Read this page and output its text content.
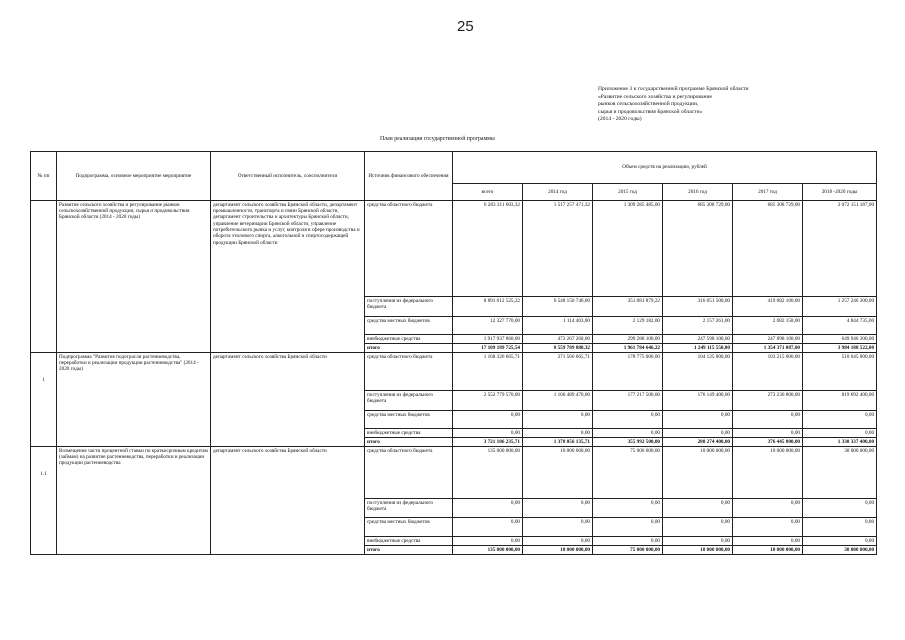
25
Приложение 3 к государственной программе Брянской области
«Развитие сельского хозяйства и регулирование
рынков сельскохозяйственной продукции,
сырья и продовольствия Брянской области»
(2014 - 2020 годы)
План реализации государственной программы
№ пп	Подпрограмма, основное мероприятие мероприятие	Ответственный исполнитель, соисполнители	Источник финансового обеспечения	Объем средств на реализацию, рублей					
				всего	2014 год	2015 год	2016 год	2017 год	2018 -2020 годы
	Развитие сельского хозяйства и регулирование рынков сельскохозяйственной продукции, сырья и продовольствия Брянской области (2014 - 2020 годы)	департамент сельского хозяйства Брянской области, департамент промышленности, транспорта и связи Брянской области, департамент строительства и архитектуры Брянской области, управление ветеринарии Брянской области, управление потребительского рынка и услуг, контроля в сфере производства и оборота этилового спирта, алкогольной и спиртосодержащей продукции Брянской области	средства областного бюджета	6 283 311 603,32	1 517 257 471,32	1 309 285 485,00	685 308 729,00	685 308 729,00	2 072 151 187,00
			поступления из федерального бюджета	8 891 612 525,22	6 548 150 746,00	351 081 879,22	316 051 500,00	419 082 100,00	1 257 246 300,00
			средства местных бюджетов	12 327 770,00	1 114 403,00	2 129 182,00	2 157 261,00	2 082 158,00	4 844 735,00
			внебюджетные средства	1 917 937 860,00	473 267 260,00	299 288 100,00	247 598 100,00	247 898 100,00	649 946 300,00
			итого	17 109 189 725,54	8 559 789 880,32	1 961 784 646,22	1 249 115 550,00	1 354 371 087,00	3 984 188 522,00
1	Подпрограмма "Развитие подотрасли растениеводства, переработки и реализации продукции растениеводства" (2014 - 2020 годы)	департамент сельского хозяйства Брянской области	средства областного бюджета	1 168 326 665,71	271 566 665,71	178 775 000,00	104 125 000,00	103 215 000,00	510 645 000,00
			поступления из федерального бюджета	2 552 779 570,00	1 106 489 470,00	177 217 500,00	176 149 400,00	273 230 800,00	819 692 400,00
			средства местных бюджетов	0,00	0,00	0,00	0,00	0,00	0,00
			внебюджетные средства	0,00	0,00	0,00	0,00	0,00	0,00
			итого	3 721 106 235,71	1 378 056 135,71	355 992 500,00	280 274 400,00	376 445 800,00	1 330 337 400,00
1.1	Возмещение части процентной ставки по краткосрочным кредитам (займам) на развитие растениеводства, переработки и реализации продукции растениеводства	департамент сельского хозяйства Брянской области	средства областного бюджета	135 000 000,00	10 000 000,00	75 000 000,00	10 000 000,00	10 000 000,00	30 000 000,00
			поступления из федерального бюджета	0,00	0,00	0,00	0,00	0,00	0,00
			средства местных бюджетов	0,00	0,00	0,00	0,00	0,00	0,00
			внебюджетные средства	0,00	0,00	0,00	0,00	0,00	0,00
			итого	135 000 000,00	10 000 000,00	75 000 000,00	10 000 000,00	10 000 000,00	30 000 000,00
